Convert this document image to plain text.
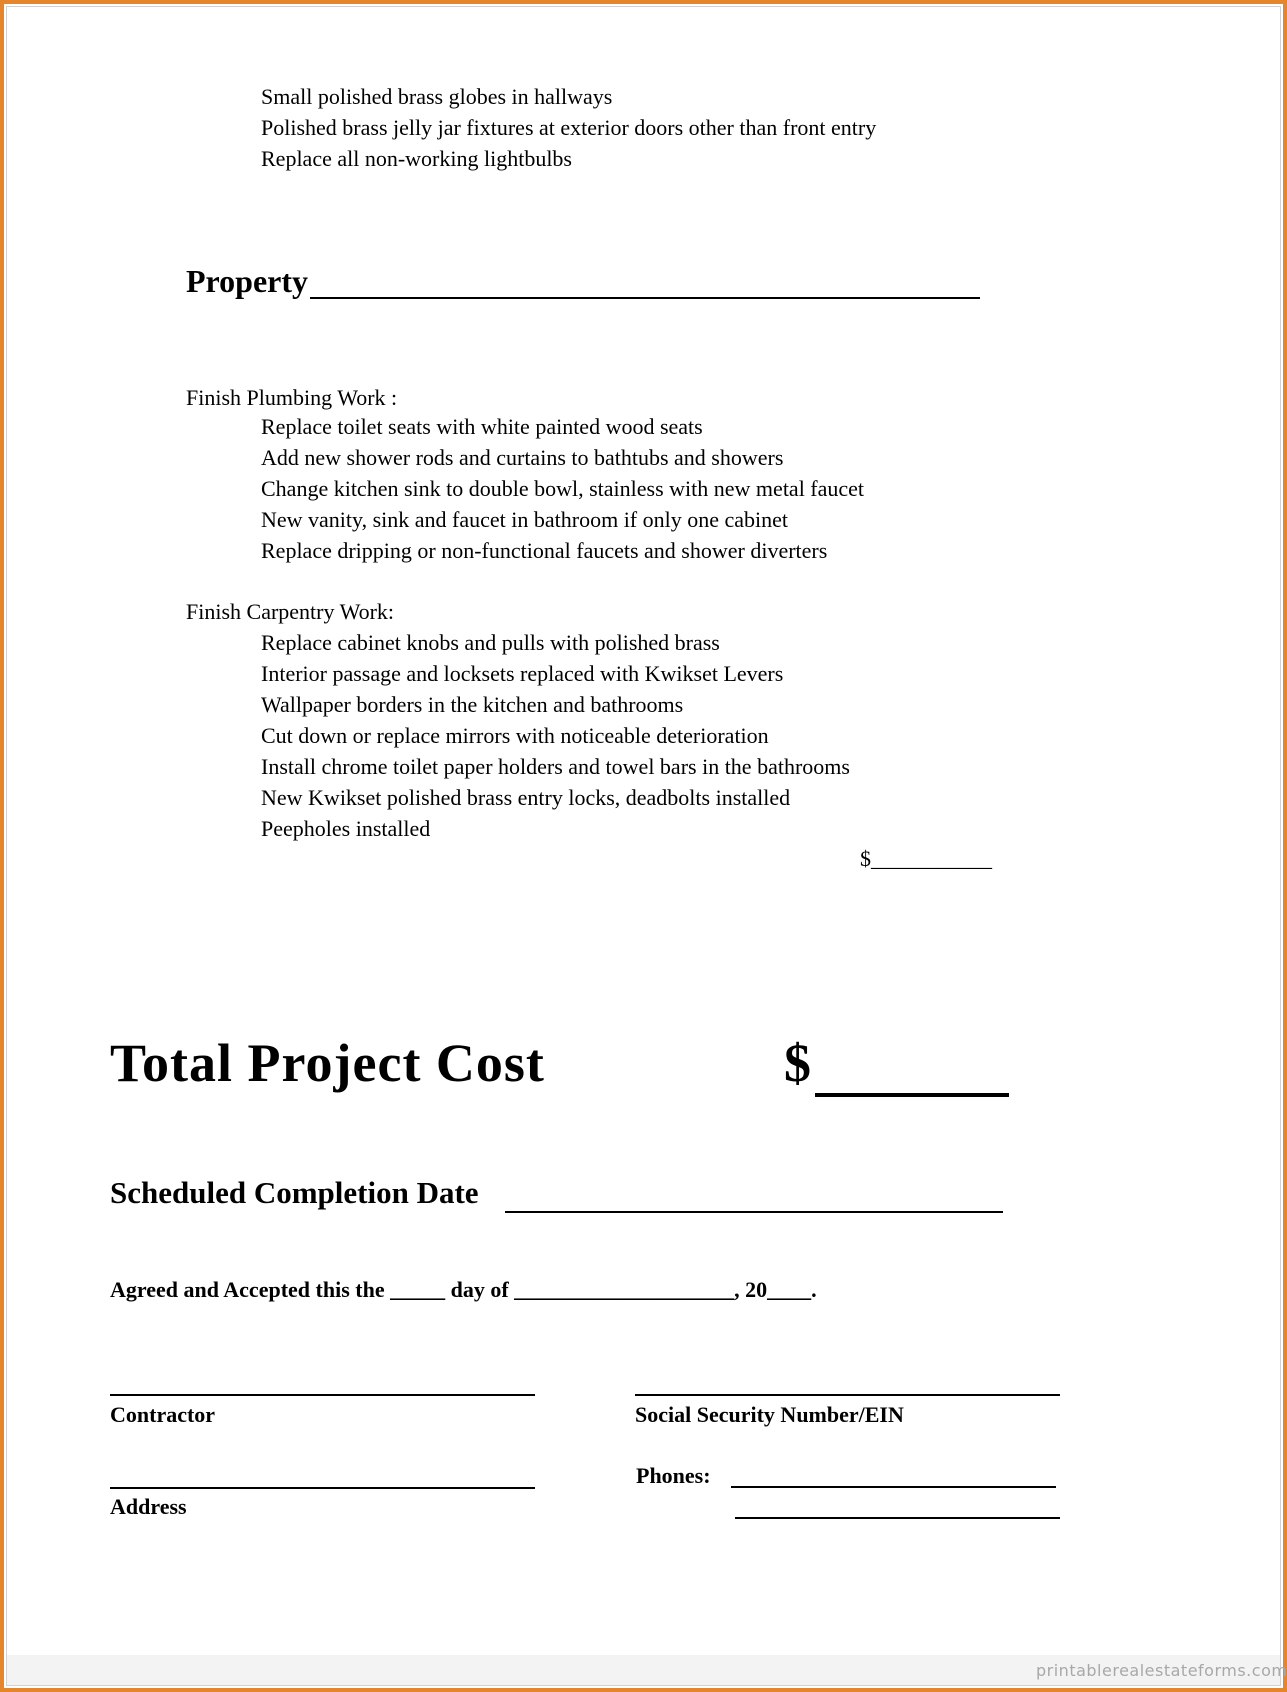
Small polished brass globes in hallways
Polished brass jelly jar fixtures at exterior doors other than front entry
Replace all non-working lightbulbs
Property
Finish Plumbing Work :
Replace toilet seats with white painted wood seats
Add new shower rods and curtains to bathtubs and showers
Change kitchen sink to double bowl, stainless with new metal faucet
New vanity, sink and faucet in bathroom if only one cabinet
Replace dripping or non-functional faucets and shower diverters
Finish Carpentry Work:
Replace cabinet knobs and pulls with polished brass
Interior passage and locksets replaced with Kwikset Levers
Wallpaper borders in the kitchen and bathrooms
Cut down or replace mirrors with noticeable deterioration
Install chrome toilet paper holders and towel bars in the bathrooms
New Kwikset polished brass entry locks, deadbolts installed
Peepholes installed
$___________
Total Project Cost	$
Scheduled Completion Date
Agreed and Accepted this the _____ day of ____________________, 20____.
Contractor	Social Security Number/EIN
Address
Phones:
printablerealestateforms.com
